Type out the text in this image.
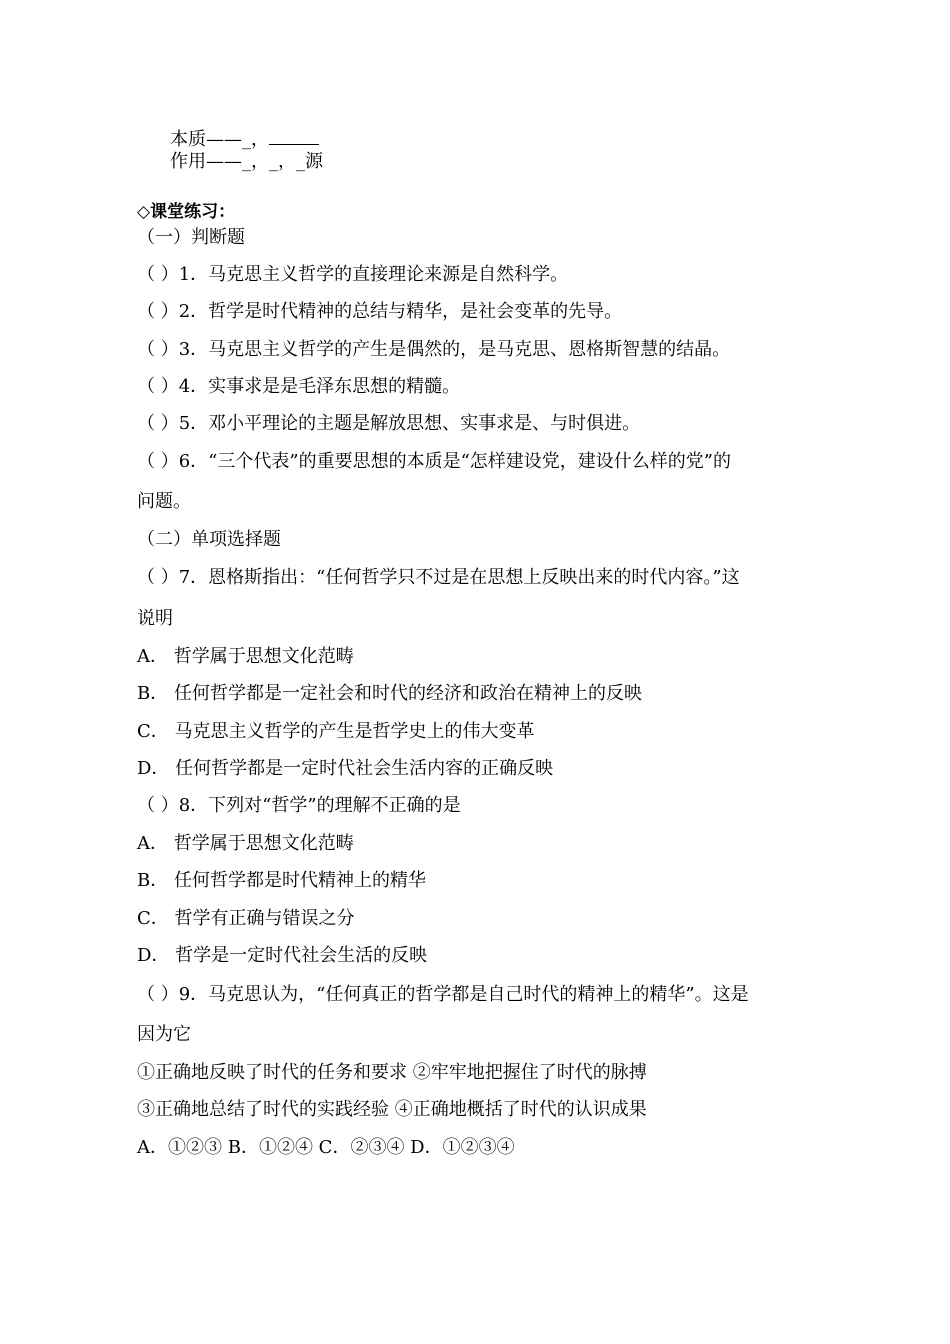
本质——_，
作用——_，_，_源
◇课堂练习：
（一）判断题
（ ）1．马克思主义哲学的直接理论来源是自然科学。
（ ）2．哲学是时代精神的总结与精华，是社会变革的先导。
（ ）3．马克思主义哲学的产生是偶然的，是马克思、恩格斯智慧的结晶。
（ ）4．实事求是是毛泽东思想的精髓。
（ ）5．邓小平理论的主题是解放思想、实事求是、与时俱进。
（ ）6．“三个代表”的重要思想的本质是“怎样建设党，建设什么样的党”的
问题。
（二）单项选择题
（ ）7．恩格斯指出：“任何哲学只不过是在思想上反映出来的时代内容。”这
说明
A． 哲学属于思想文化范畴
B． 任何哲学都是一定社会和时代的经济和政治在精神上的反映
C． 马克思主义哲学的产生是哲学史上的伟大变革
D． 任何哲学都是一定时代社会生活内容的正确反映
（ ）8．下列对“哲学”的理解不正确的是
A． 哲学属于思想文化范畴
B． 任何哲学都是时代精神上的精华
C． 哲学有正确与错误之分
D． 哲学是一定时代社会生活的反映
（ ）9．马克思认为，“任何真正的哲学都是自己时代的精神上的精华”。这是
因为它
①正确地反映了时代的任务和要求 ②牢牢地把握住了时代的脉搏
③正确地总结了时代的实践经验 ④正确地概括了时代的认识成果
A．①②③ B．①②④ C．②③④ D．①②③④
